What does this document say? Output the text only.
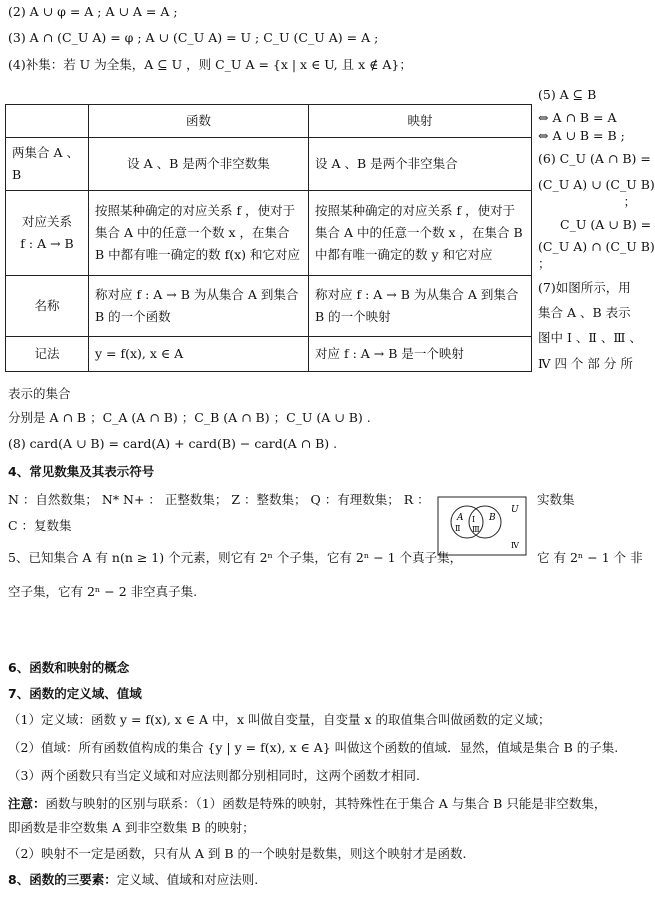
(2) A ∪ φ = A ; A ∪ A = A ;
(3) A ∩ (C_U A) = φ ; A ∪ (C_U A) = U ; C_U (C_U A) = A ;
(4)补集：若 U 为全集，A ⊆ U ，则 C_U A = {x | x ∈ U, 且 x ∉ A}；
	函数	映射
两集合 A 、B	设 A 、B 是两个非空数集	设 A 、B 是两个非空集合
对应关系
f : A → B	按照某种确定的对应关系 f ，使对于集合 A 中的任意一个数 x ，在集合 B 中都有唯一确定的数 f(x) 和它对应	按照某种确定的对应关系 f ，使对于集合 A 中的任意一个数 x ，在集合 B 中都有唯一确定的数 y 和它对应
名称	称对应 f : A → B 为从集合 A 到集合 B 的一个函数	称对应 f : A → B 为从集合 A 到集合 B 的一个映射
记法	y = f(x), x ∈ A	对应 f : A → B 是一个映射
(5) A ⊆ B
⇔ A ∩ B = A
⇔ A ∪ B = B ;
(6) C_U (A ∩ B) =
(C_U A) ∪ (C_U B)
；
C_U (A ∪ B) =
(C_U A) ∩ (C_U B)
；
(7)如图所示，用
集合 A 、B 表示
图中 Ⅰ 、Ⅱ 、Ⅲ 、
Ⅳ 四 个 部 分 所
表示的集合
分别是 A ∩ B ；C_A (A ∩ B) ；C_B (A ∩ B) ；C_U (A ∪ B) .
(8) card(A ∪ B) = card(A) + card(B) − card(A ∩ B) .
4、常见数集及其表示符号
N ：自然数集； N* N+ ： 正整数集； Z ：整数集； Q ：有理数集； R ：	实数集
C ：复数集	A
Ⅱ
Ⅰ
Ⅲ
B
U
Ⅳ
5、已知集合 A 有 n(n ≥ 1) 个元素，则它有 2ⁿ 个子集，它有 2ⁿ − 1 个真子集，	它 有 2ⁿ − 1 个 非
空子集，它有 2ⁿ − 2 非空真子集.
6、函数和映射的概念
7、函数的定义域、值域
（1）定义域：函数 y = f(x), x ∈ A 中，x 叫做自变量，自变量 x 的取值集合叫做函数的定义域；
（2）值域：所有函数值构成的集合 {y | y = f(x), x ∈ A} 叫做这个函数的值域．显然，值域是集合 B 的子集.
（3）两个函数只有当定义域和对应法则都分别相同时，这两个函数才相同.
注意：函数与映射的区别与联系：（1）函数是特殊的映射，其特殊性在于集合 A 与集合 B 只能是非空数集，
即函数是非空数集 A 到非空数集 B 的映射；
（2）映射不一定是函数，只有从 A 到 B 的一个映射是数集，则这个映射才是函数.
8、函数的三要素：定义域、值域和对应法则.
